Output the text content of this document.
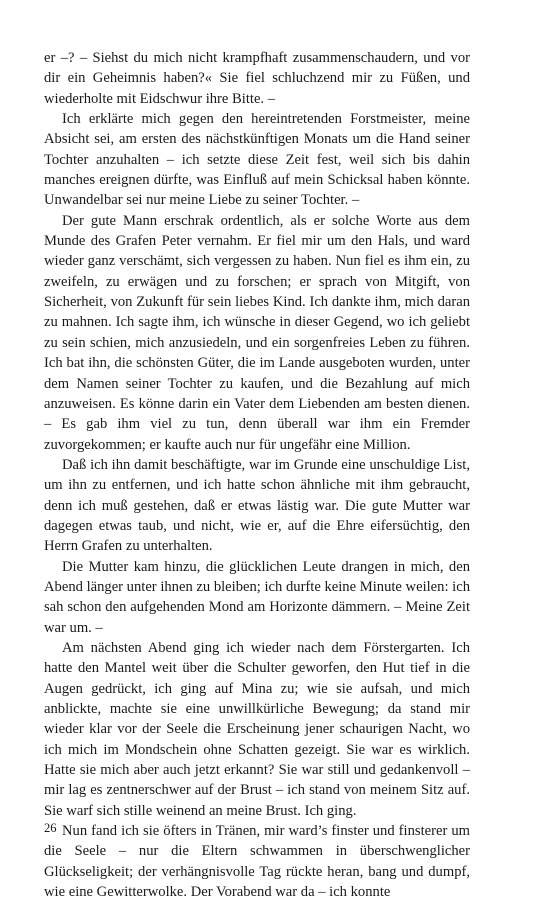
er –? – Siehst du mich nicht krampfhaft zusammenschaudern, und vor dir ein Geheimnis haben?« Sie fiel schluchzend mir zu Füßen, und wiederholte mit Eidschwur ihre Bitte. –

Ich erklärte mich gegen den hereintretenden Forstmeister, meine Absicht sei, am ersten des nächstkünftigen Monats um die Hand seiner Tochter anzuhalten – ich setzte diese Zeit fest, weil sich bis dahin manches ereignen dürfte, was Einfluß auf mein Schicksal haben könnte. Unwandelbar sei nur meine Liebe zu seiner Tochter. –

Der gute Mann erschrak ordentlich, als er solche Worte aus dem Munde des Grafen Peter vernahm. Er fiel mir um den Hals, und ward wieder ganz verschämt, sich vergessen zu haben. Nun fiel es ihm ein, zu zweifeln, zu erwägen und zu forschen; er sprach von Mitgift, von Sicherheit, von Zukunft für sein liebes Kind. Ich dankte ihm, mich daran zu mahnen. Ich sagte ihm, ich wünsche in dieser Gegend, wo ich geliebt zu sein schien, mich anzusiedeln, und ein sorgenfreies Leben zu führen. Ich bat ihn, die schönsten Güter, die im Lande ausgeboten wurden, unter dem Namen seiner Tochter zu kaufen, und die Bezahlung auf mich anzuweisen. Es könne darin ein Vater dem Liebenden am besten dienen. – Es gab ihm viel zu tun, denn überall war ihm ein Fremder zuvorgekommen; er kaufte auch nur für ungefähr eine Million.

Daß ich ihn damit beschäftigte, war im Grunde eine unschuldige List, um ihn zu entfernen, und ich hatte schon ähnliche mit ihm gebraucht, denn ich muß gestehen, daß er etwas lästig war. Die gute Mutter war dagegen etwas taub, und nicht, wie er, auf die Ehre eifersüchtig, den Herrn Grafen zu unterhalten.

Die Mutter kam hinzu, die glücklichen Leute drangen in mich, den Abend länger unter ihnen zu bleiben; ich durfte keine Minute weilen: ich sah schon den aufgehenden Mond am Horizonte dämmern. – Meine Zeit war um. –

Am nächsten Abend ging ich wieder nach dem Förstergarten. Ich hatte den Mantel weit über die Schulter geworfen, den Hut tief in die Augen gedrückt, ich ging auf Mina zu; wie sie aufsah, und mich anblickte, machte sie eine unwillkürliche Bewegung; da stand mir wieder klar vor der Seele die Erscheinung jener schaurigen Nacht, wo ich mich im Mondschein ohne Schatten gezeigt. Sie war es wirklich. Hatte sie mich aber auch jetzt erkannt? Sie war still und gedankenvoll – mir lag es zentnerschwer auf der Brust – ich stand von meinem Sitz auf. Sie warf sich stille weinend an meine Brust. Ich ging.

Nun fand ich sie öfters in Tränen, mir ward’s finster und finsterer um die Seele – nur die Eltern schwammen in überschwenglicher Glückseligkeit; der verhängnisvolle Tag rückte heran, bang und dumpf, wie eine Gewitterwolke. Der Vorabend war da – ich konnte

26
